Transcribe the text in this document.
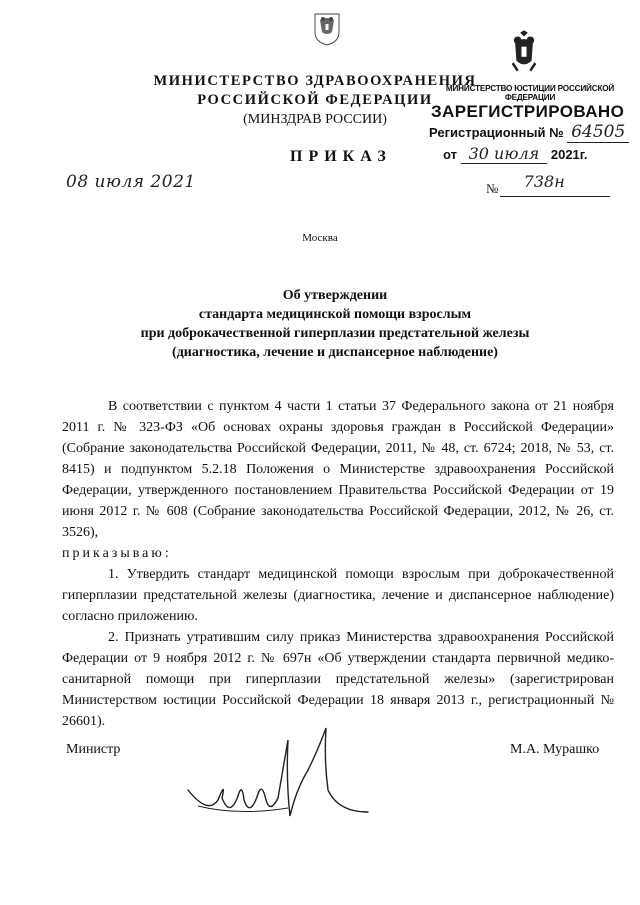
МИНИСТЕРСТВО ЗДРАВООХРАНЕНИЯ
РОССИЙСКОЙ ФЕДЕРАЦИИ
(МИНЗДРАВ РОССИИ)
МИНИСТЕРСТВО ЮСТИЦИИ РОССИЙСКОЙ ФЕДЕРАЦИИ
ЗАРЕГИСТРИРОВАНО
Регистрационный № 64505
от 30 июля 2021г.
ПРИКАЗ
08 июля 2021	№ 738н
Москва
Об утверждении
стандарта медицинской помощи взрослым
при доброкачественной гиперплазии предстательной железы
(диагностика, лечение и диспансерное наблюдение)
В соответствии с пунктом 4 части 1 статьи 37 Федерального закона от 21 ноября 2011 г. № 323-ФЗ «Об основах охраны здоровья граждан в Российской Федерации» (Собрание законодательства Российской Федерации, 2011, № 48, ст. 6724; 2018, № 53, ст. 8415) и подпунктом 5.2.18 Положения о Министерстве здравоохранения Российской Федерации, утвержденного постановлением Правительства Российской Федерации от 19 июня 2012 г. № 608 (Собрание законодательства Российской Федерации, 2012, № 26, ст. 3526),
приказываю:
1. Утвердить стандарт медицинской помощи взрослым при доброкачественной гиперплазии предстательной железы (диагностика, лечение и диспансерное наблюдение) согласно приложению.
2. Признать утратившим силу приказ Министерства здравоохранения Российской Федерации от 9 ноября 2012 г. № 697н «Об утверждении стандарта первичной медико-санитарной помощи при гиперплазии предстательной железы» (зарегистрирован Министерством юстиции Российской Федерации 18 января 2013 г., регистрационный № 26601).
Министр	М.А. Мурашко
